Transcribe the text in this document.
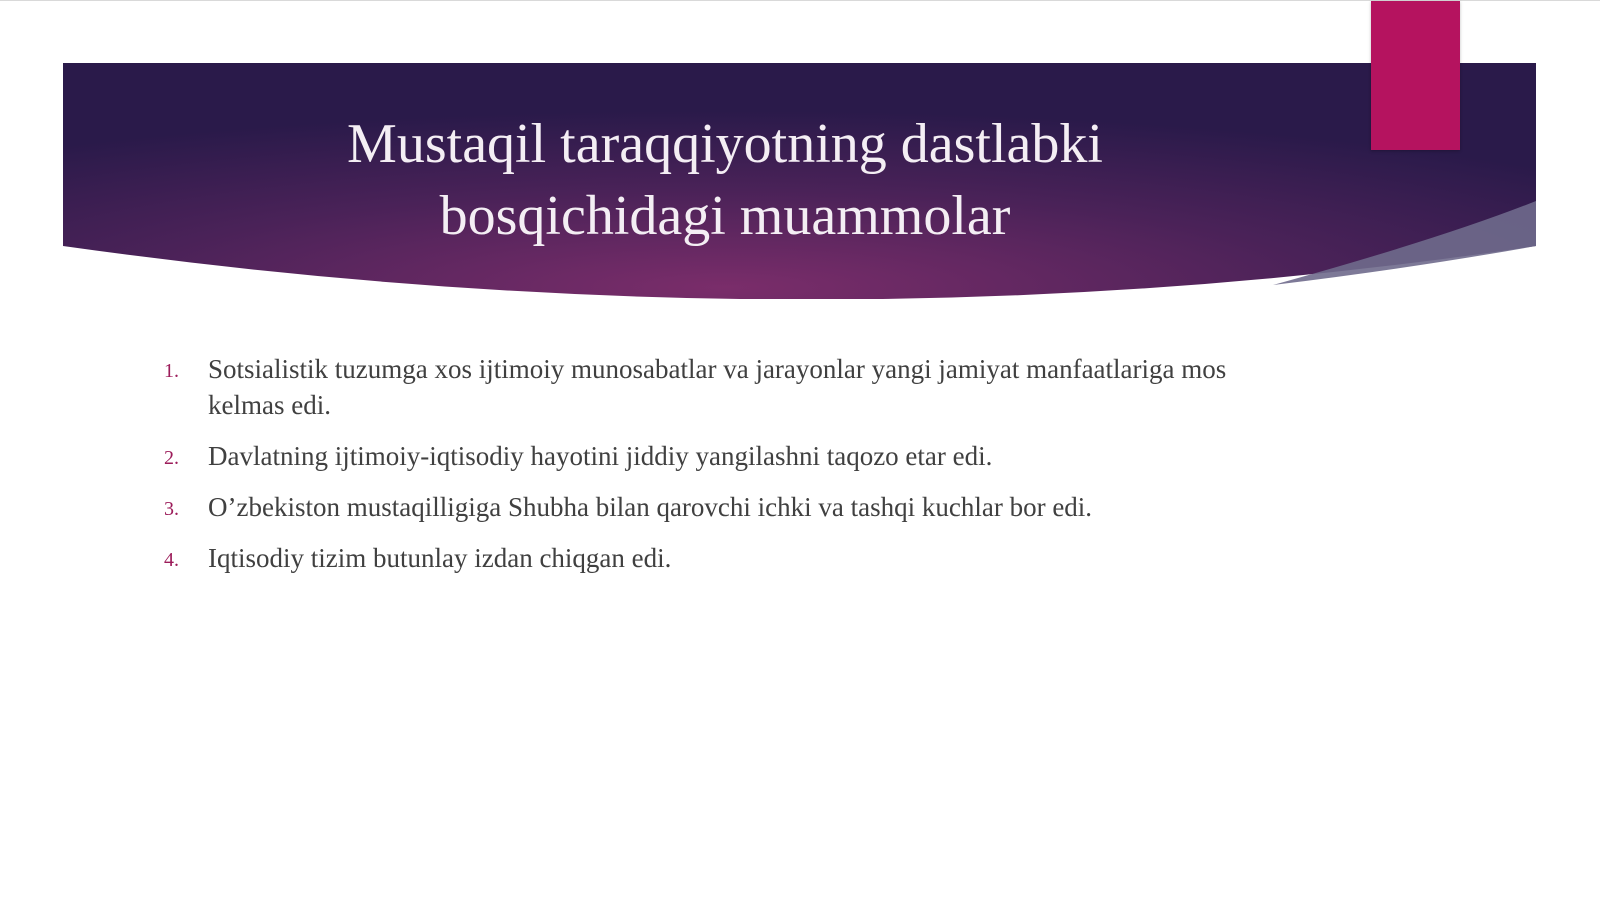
Mustaqil taraqqiyotning dastlabki bosqichidagi muammolar
1. Sotsialistik tuzumga xos ijtimoiy munosabatlar va jarayonlar yangi jamiyat manfaatlariga mos kelmas edi.
2. Davlatning ijtimoiy-iqtisodiy hayotini jiddiy yangilashni taqozo etar edi.
3. O’zbekiston mustaqilligiga Shubha bilan qarovchi ichki va tashqi kuchlar bor edi.
4. Iqtisodiy tizim butunlay izdan chiqgan edi.
